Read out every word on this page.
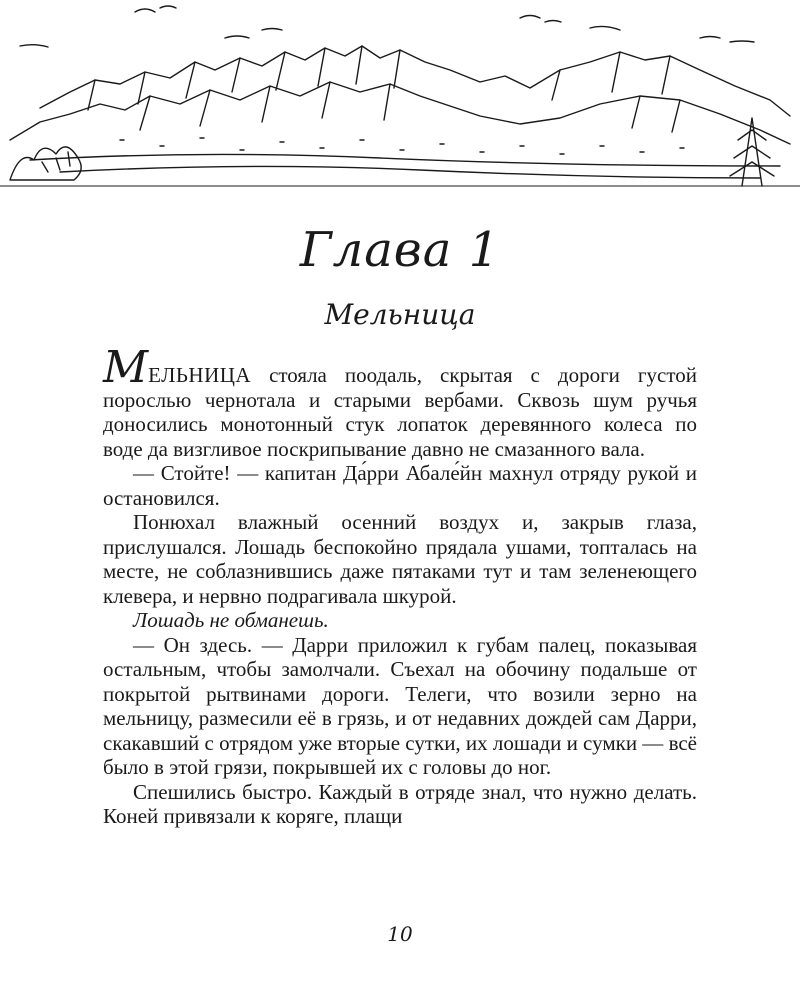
Глава 1
Мельница

МЕЛЬНИЦА стояла поодаль, скрытая с дороги густой порослью чернотала и старыми вербами. Сквозь шум ручья доносились монотонный стук лопаток деревянного колеса по воде да визгливое поскрипывание давно не смазанного вала.

— Стойте! — капитан Да́рри Абале́йн махнул отряду рукой и остановился.

Понюхал влажный осенний воздух и, закрыв глаза, прислушался. Лошадь беспокойно прядала ушами, топталась на месте, не соблазнившись даже пятаками тут и там зеленеющего клевера, и нервно подрагивала шкурой.

Лошадь не обманешь.

— Он здесь. — Дарри приложил к губам палец, показывая остальным, чтобы замолчали. Съехал на обочину подальше от покрытой рытвинами дороги. Телеги, что возили зерно на мельницу, размесили её в грязь, и от недавних дождей сам Дарри, скакавший с отрядом уже вторые сутки, их лошади и сумки — всё было в этой грязи, покрывшей их с головы до ног.

Спешились быстро. Каждый в отряде знал, что нужно делать. Коней привязали к коряге, плащи

10
